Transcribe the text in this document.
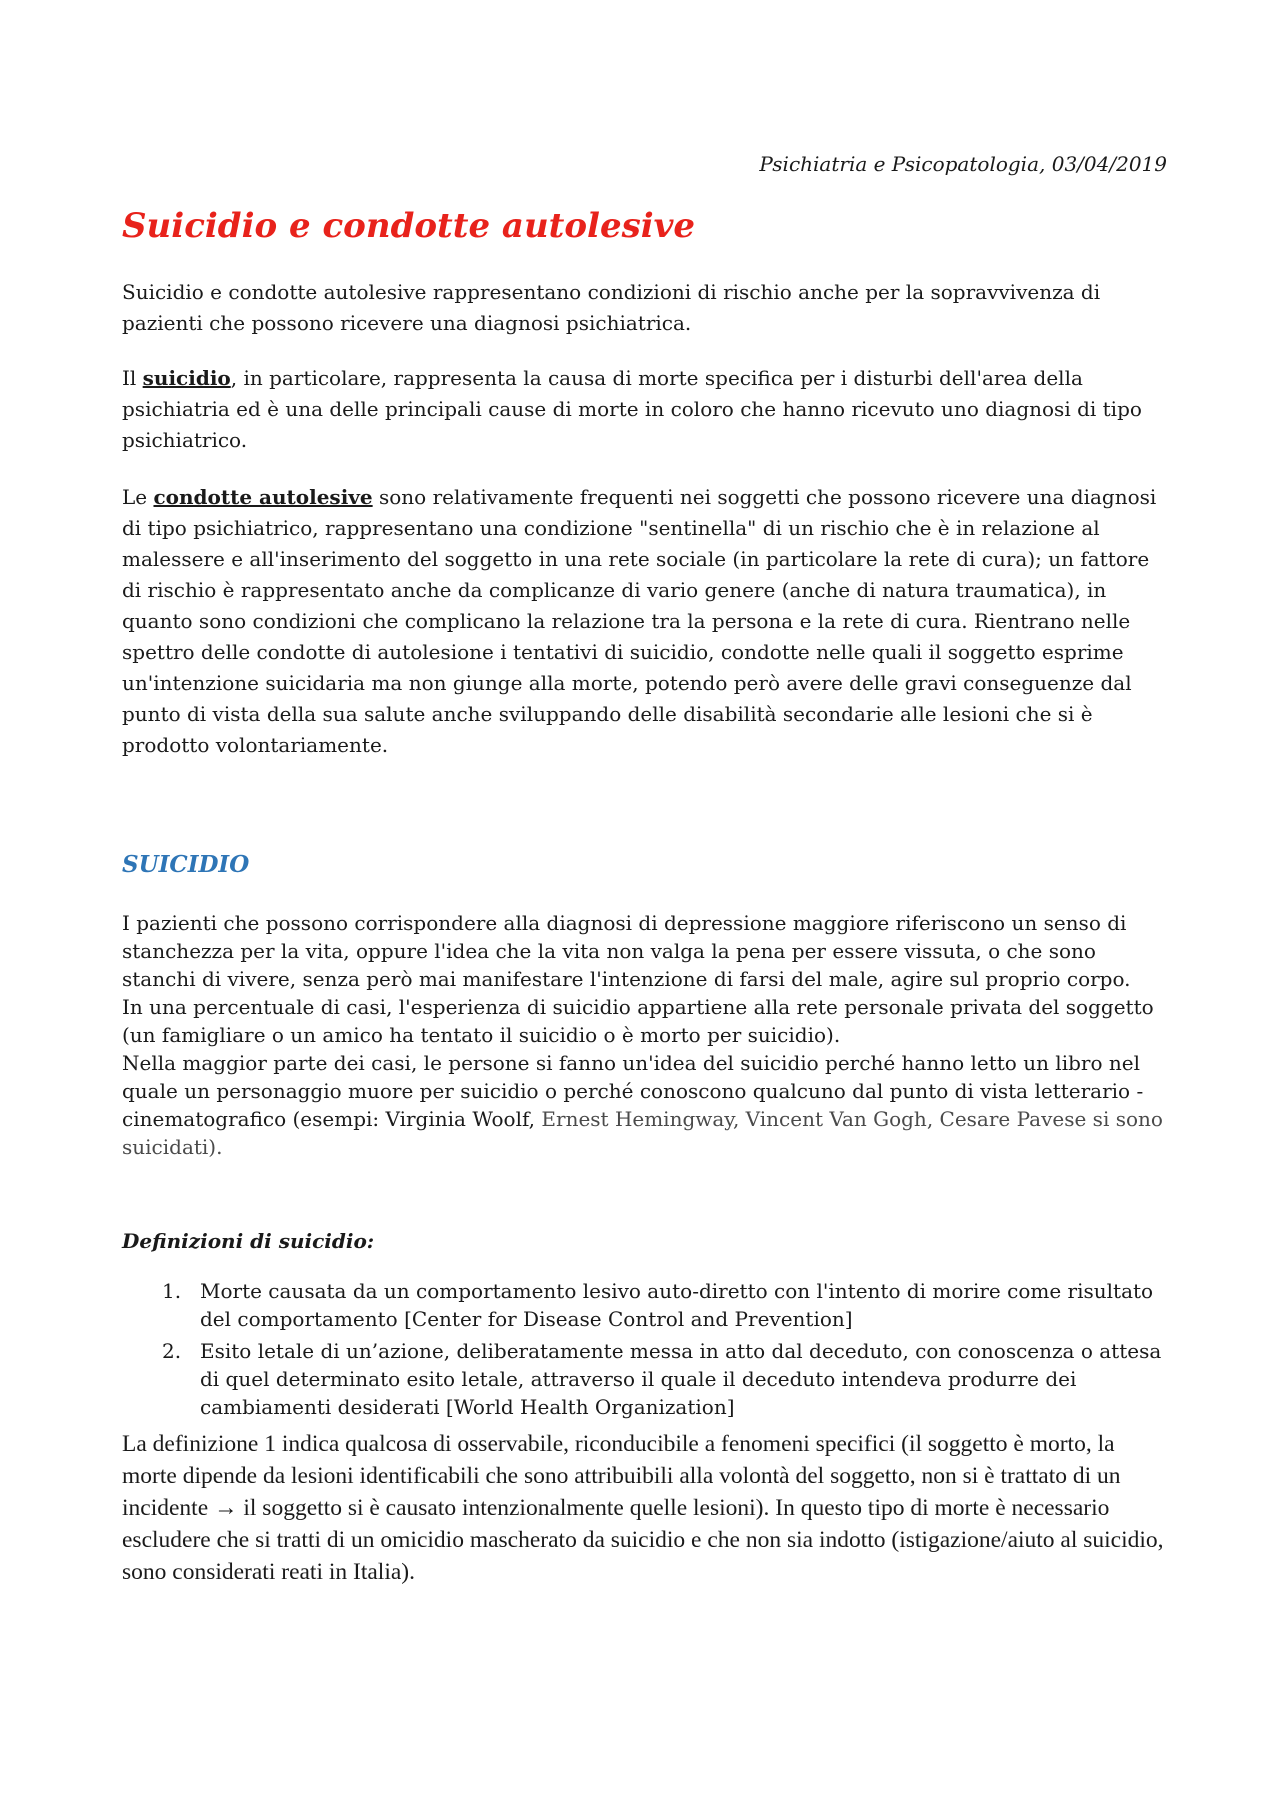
Psichiatria e Psicopatologia, 03/04/2019
Suicidio e condotte autolesive

Suicidio e condotte autolesive rappresentano condizioni di rischio anche per la sopravvivenza di pazienti che possono ricevere una diagnosi psichiatrica.

Il suicidio, in particolare, rappresenta la causa di morte specifica per i disturbi dell'area della psichiatria ed è una delle principali cause di morte in coloro che hanno ricevuto uno diagnosi di tipo psichiatrico.

Le condotte autolesive sono relativamente frequenti nei soggetti che possono ricevere una diagnosi di tipo psichiatrico, rappresentano una condizione "sentinella" di un rischio che è in relazione al malessere e all'inserimento del soggetto in una rete sociale (in particolare la rete di cura); un fattore di rischio è rappresentato anche da complicanze di vario genere (anche di natura traumatica), in quanto sono condizioni che complicano la relazione tra la persona e la rete di cura. Rientrano nelle spettro delle condotte di autolesione i tentativi di suicidio, condotte nelle quali il soggetto esprime un'intenzione suicidaria ma non giunge alla morte, potendo però avere delle gravi conseguenze dal punto di vista della sua salute anche sviluppando delle disabilità secondarie alle lesioni che si è prodotto volontariamente.

SUICIDIO

I pazienti che possono corrispondere alla diagnosi di depressione maggiore riferiscono un senso di stanchezza per la vita, oppure l'idea che la vita non valga la pena per essere vissuta, o che sono stanchi di vivere, senza però mai manifestare l'intenzione di farsi del male, agire sul proprio corpo.
In una percentuale di casi, l'esperienza di suicidio appartiene alla rete personale privata del soggetto (un famigliare o un amico ha tentato il suicidio o è morto per suicidio).
Nella maggior parte dei casi, le persone si fanno un'idea del suicidio perché hanno letto un libro nel quale un personaggio muore per suicidio o perché conoscono qualcuno dal punto di vista letterario - cinematografico (esempi: Virginia Woolf, Ernest Hemingway, Vincent Van Gogh, Cesare Pavese si sono suicidati).

Definizioni di suicidio:
1. Morte causata da un comportamento lesivo auto-diretto con l'intento di morire come risultato del comportamento [Center for Disease Control and Prevention]
2. Esito letale di un’azione, deliberatamente messa in atto dal deceduto, con conoscenza o attesa di quel determinato esito letale, attraverso il quale il deceduto intendeva produrre dei cambiamenti desiderati [World Health Organization]

La definizione 1 indica qualcosa di osservabile, riconducibile a fenomeni specifici (il soggetto è morto, la morte dipende da lesioni identificabili che sono attribuibili alla volontà del soggetto, non si è trattato di un incidente → il soggetto si è causato intenzionalmente quelle lesioni). In questo tipo di morte è necessario escludere che si tratti di un omicidio mascherato da suicidio e che non sia indotto (istigazione/aiuto al suicidio, sono considerati reati in Italia).
